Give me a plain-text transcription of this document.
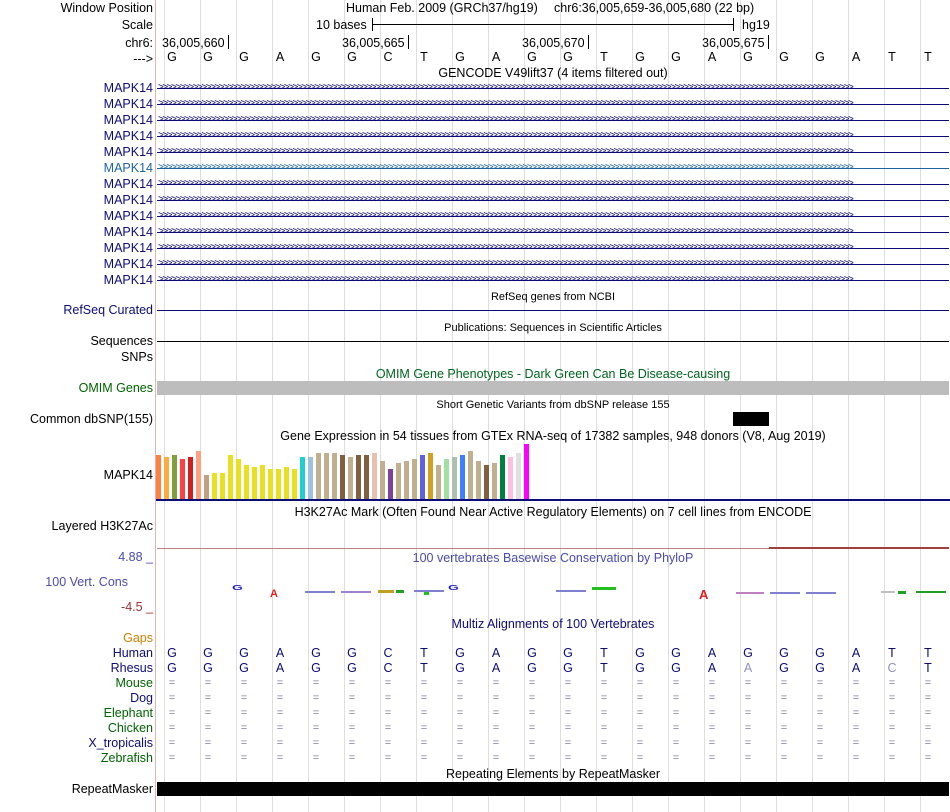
Window Position
Scale
chr6:
--->
MAPK14
MAPK14
MAPK14
MAPK14
MAPK14
MAPK14
MAPK14
MAPK14
MAPK14
MAPK14
MAPK14
MAPK14
MAPK14
RefSeq Curated
Sequences
SNPs
OMIM Genes
Common dbSNP(155)
MAPK14
Layered H3K27Ac
4.88 _
100 Vert. Cons
-4.5 _
Gaps
Human
Rhesus
Mouse
Dog
Elephant
Chicken
X_tropicalis
Zebrafish
RepeatMasker
Human Feb. 2009 (GRCh37/hg19) chr6:36,005,659-36,005,680 (22 bp)
10 bases	hg19
36,005,660	36,005,665	36,005,670	36,005,675
G	G	G	A	G	G	C	T	G	A	G	G	T	G	G	A	G	G	G	A	T	T
GENCODE V49lift37 (4 items filtered out)
>>>>>>>>>>>>>>>>>>>>>>>>>>>>>>>>>>>>>>>>>>>>>>>>>>>>>>>>>>>>>>>>>>>>>>>>>>>>>>>>>>>>>>>>>>>>>>>>>>>>>>>>>>>>>>>>>>>>>>>>>>>>>>>>>>>>>>>>>>>>>>>>>>>>>>>>>>>>>>>>
>>>>>>>>>>>>>>>>>>>>>>>>>>>>>>>>>>>>>>>>>>>>>>>>>>>>>>>>>>>>>>>>>>>>>>>>>>>>>>>>>>>>>>>>>>>>>>>>>>>>>>>>>>>>>>>>>>>>>>>>>>>>>>>>>>>>>>>>>>>>>>>>>>>>>>>>>>>>>>>>
>>>>>>>>>>>>>>>>>>>>>>>>>>>>>>>>>>>>>>>>>>>>>>>>>>>>>>>>>>>>>>>>>>>>>>>>>>>>>>>>>>>>>>>>>>>>>>>>>>>>>>>>>>>>>>>>>>>>>>>>>>>>>>>>>>>>>>>>>>>>>>>>>>>>>>>>>>>>>>>>
>>>>>>>>>>>>>>>>>>>>>>>>>>>>>>>>>>>>>>>>>>>>>>>>>>>>>>>>>>>>>>>>>>>>>>>>>>>>>>>>>>>>>>>>>>>>>>>>>>>>>>>>>>>>>>>>>>>>>>>>>>>>>>>>>>>>>>>>>>>>>>>>>>>>>>>>>>>>>>>>
>>>>>>>>>>>>>>>>>>>>>>>>>>>>>>>>>>>>>>>>>>>>>>>>>>>>>>>>>>>>>>>>>>>>>>>>>>>>>>>>>>>>>>>>>>>>>>>>>>>>>>>>>>>>>>>>>>>>>>>>>>>>>>>>>>>>>>>>>>>>>>>>>>>>>>>>>>>>>>>>
>>>>>>>>>>>>>>>>>>>>>>>>>>>>>>>>>>>>>>>>>>>>>>>>>>>>>>>>>>>>>>>>>>>>>>>>>>>>>>>>>>>>>>>>>>>>>>>>>>>>>>>>>>>>>>>>>>>>>>>>>>>>>>>>>>>>>>>>>>>>>>>>>>>>>>>>>>>>>>>>
>>>>>>>>>>>>>>>>>>>>>>>>>>>>>>>>>>>>>>>>>>>>>>>>>>>>>>>>>>>>>>>>>>>>>>>>>>>>>>>>>>>>>>>>>>>>>>>>>>>>>>>>>>>>>>>>>>>>>>>>>>>>>>>>>>>>>>>>>>>>>>>>>>>>>>>>>>>>>>>>
>>>>>>>>>>>>>>>>>>>>>>>>>>>>>>>>>>>>>>>>>>>>>>>>>>>>>>>>>>>>>>>>>>>>>>>>>>>>>>>>>>>>>>>>>>>>>>>>>>>>>>>>>>>>>>>>>>>>>>>>>>>>>>>>>>>>>>>>>>>>>>>>>>>>>>>>>>>>>>>>
>>>>>>>>>>>>>>>>>>>>>>>>>>>>>>>>>>>>>>>>>>>>>>>>>>>>>>>>>>>>>>>>>>>>>>>>>>>>>>>>>>>>>>>>>>>>>>>>>>>>>>>>>>>>>>>>>>>>>>>>>>>>>>>>>>>>>>>>>>>>>>>>>>>>>>>>>>>>>>>>
>>>>>>>>>>>>>>>>>>>>>>>>>>>>>>>>>>>>>>>>>>>>>>>>>>>>>>>>>>>>>>>>>>>>>>>>>>>>>>>>>>>>>>>>>>>>>>>>>>>>>>>>>>>>>>>>>>>>>>>>>>>>>>>>>>>>>>>>>>>>>>>>>>>>>>>>>>>>>>>>
>>>>>>>>>>>>>>>>>>>>>>>>>>>>>>>>>>>>>>>>>>>>>>>>>>>>>>>>>>>>>>>>>>>>>>>>>>>>>>>>>>>>>>>>>>>>>>>>>>>>>>>>>>>>>>>>>>>>>>>>>>>>>>>>>>>>>>>>>>>>>>>>>>>>>>>>>>>>>>>>
>>>>>>>>>>>>>>>>>>>>>>>>>>>>>>>>>>>>>>>>>>>>>>>>>>>>>>>>>>>>>>>>>>>>>>>>>>>>>>>>>>>>>>>>>>>>>>>>>>>>>>>>>>>>>>>>>>>>>>>>>>>>>>>>>>>>>>>>>>>>>>>>>>>>>>>>>>>>>>>>
>>>>>>>>>>>>>>>>>>>>>>>>>>>>>>>>>>>>>>>>>>>>>>>>>>>>>>>>>>>>>>>>>>>>>>>>>>>>>>>>>>>>>>>>>>>>>>>>>>>>>>>>>>>>>>>>>>>>>>>>>>>>>>>>>>>>>>>>>>>>>>>>>>>>>>>>>>>>>>>>
RefSeq genes from NCBI
Publications: Sequences in Scientific Articles
OMIM Gene Phenotypes - Dark Green Can Be Disease-causing
Short Genetic Variants from dbSNP release 155
Gene Expression in 54 tissues from GTEx RNA-seq of 17382 samples, 948 donors (V8, Aug 2019)
H3K27Ac Mark (Often Found Near Active Regulatory Elements) on 7 cell lines from ENCODE
100 vertebrates Basewise Conservation by PhyloP
G A	G	A
Multiz Alignments of 100 Vertebrates
G	G	G	A	G	G	C	T	G	A	G	G	T	G	G	A	G	G	G	A	T	T
G	G	G	A	G	G	C	T	G	A	G	G	T	G	G	A	A	G	G	A	C	T
=	=	=	=	=	=	=	=	=	=	=	=	=	=	=	=	=	=	=	=	=	=
=	=	=	=	=	=	=	=	=	=	=	=	=	=	=	=	=	=	=	=	=	=
=	=	=	=	=	=	=	=	=	=	=	=	=	=	=	=	=	=	=	=	=	=
=	=	=	=	=	=	=	=	=	=	=	=	=	=	=	=	=	=	=	=	=	=
=	=	=	=	=	=	=	=	=	=	=	=	=	=	=	=	=	=	=	=	=	=
=	=	=	=	=	=	=	=	=	=	=	=	=	=	=	=	=	=	=	=	=	=
Repeating Elements by RepeatMasker
